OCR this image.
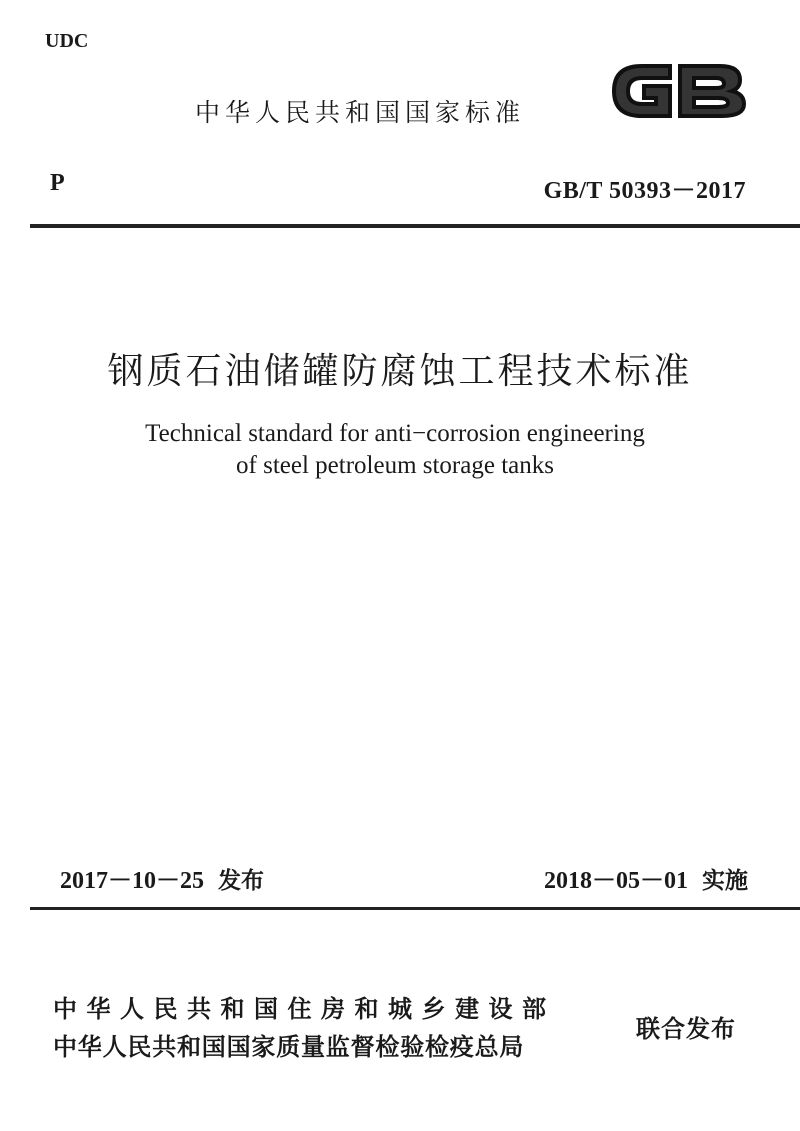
UDC
中华人民共和国国家标准
P	GB/T 50393－2017
钢质石油储罐防腐蚀工程技术标准
Technical standard for anti−corrosion engineering
of steel petroleum storage tanks
2017－10－25 发布	2018－05－01 实施
中华人民共和国住房和城乡建设部
中华人民共和国国家质量监督检验检疫总局
联合发布
